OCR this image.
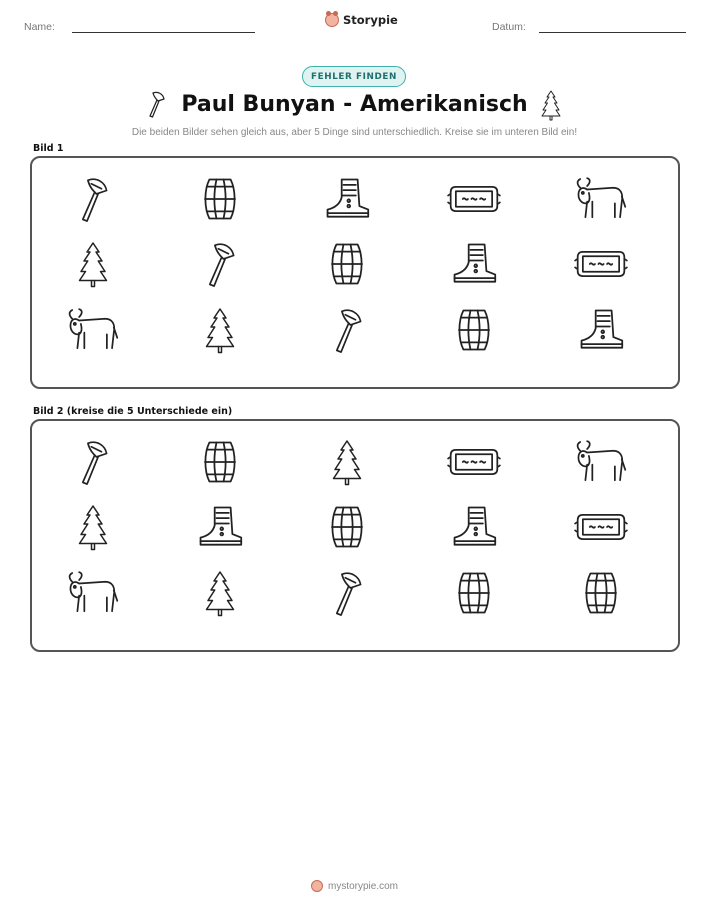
Name:	Storypie	Datum:
FEHLER FINDEN
Paul Bunyan - Amerikanisch
Die beiden Bilder sehen gleich aus, aber 5 Dinge sind unterschiedlich. Kreise sie im unteren Bild ein!
Bild 1
Bild 2 (kreise die 5 Unterschiede ein)
mystorypie.com
